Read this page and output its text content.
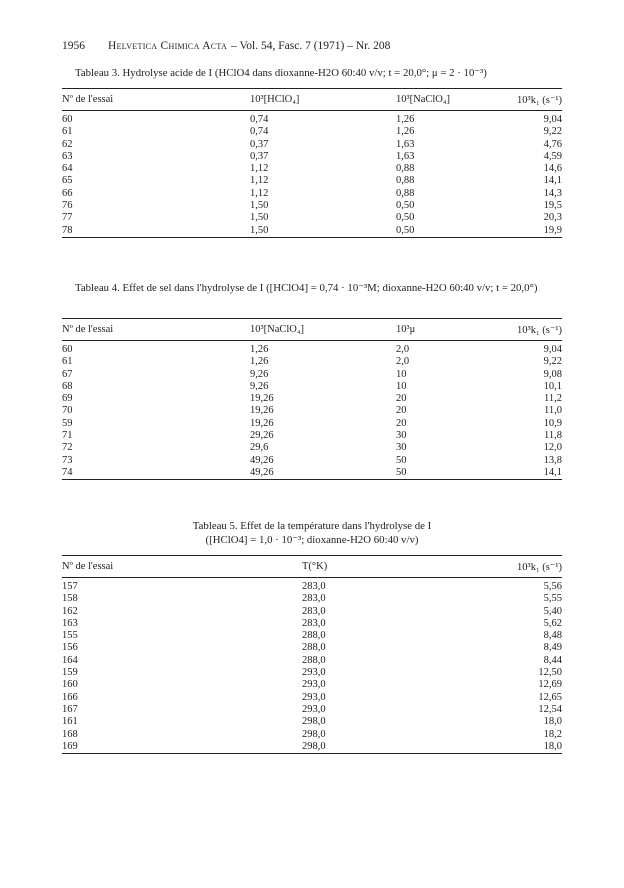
1956	Helvetica Chimica Acta – Vol. 54, Fasc. 7 (1971) – Nr. 208
Tableau 3. Hydrolyse acide de I (HClO4 dans dioxanne-H2O 60:40 v/v; t = 20,0°; μ = 2 · 10⁻³)
Nº de l'essai	10³[HClO₄]	10³[NaClO₄]	10³k₁ (s⁻¹)
60	0,74	1,26	9,04
61	0,74	1,26	9,22
62	0,37	1,63	4,76
63	0,37	1,63	4,59
64	1,12	0,88	14,6
65	1,12	0,88	14,1
66	1,12	0,88	14,3
76	1,50	0,50	19,5
77	1,50	0,50	20,3
78	1,50	0,50	19,9

Tableau 4. Effet de sel dans l'hydrolyse de I ([HClO4] = 0,74 · 10⁻³M; dioxanne-H2O 60:40 v/v; t = 20,0°)
Nº de l'essai	10³[NaClO₄]	10³μ	10³k₁ (s⁻¹)
60	1,26	2,0	9,04
61	1,26	2,0	9,22
67	9,26	10	9,08
68	9,26	10	10,1
69	19,26	20	11,2
70	19,26	20	11,0
59	19,26	20	10,9
71	29,26	30	11,8
72	29,6	30	12,0
73	49,26	50	13,8
74	49,26	50	14,1

Tableau 5. Effet de la température dans l'hydrolyse de I
([HClO4] = 1,0 · 10⁻³; dioxanne-H2O 60:40 v/v)
Nº de l'essai	T(°K)	10³k₁ (s⁻¹)
157	283,0	5,56
158	283,0	5,55
162	283,0	5,40
163	283,0	5,62
155	288,0	8,48
156	288,0	8,49
164	288,0	8,44
159	293,0	12,50
160	293,0	12,69
166	293,0	12,65
167	293,0	12,54
161	298,0	18,0
168	298,0	18,2
169	298,0	18,0
